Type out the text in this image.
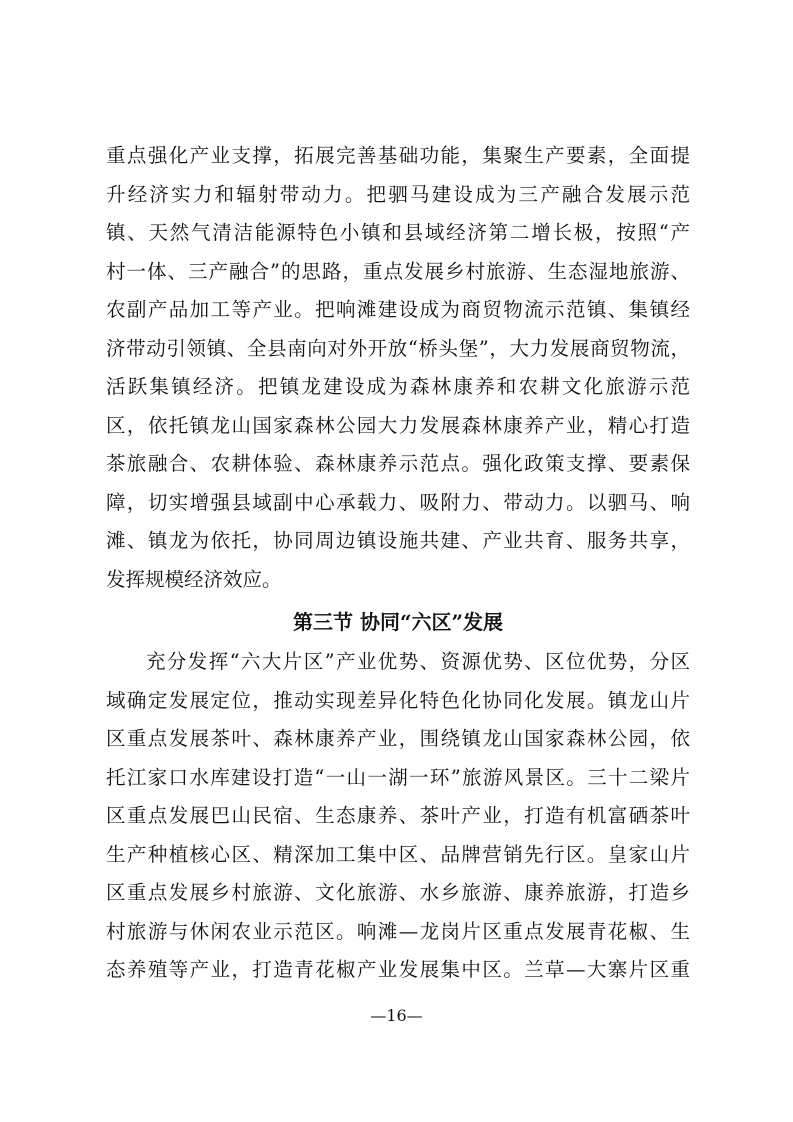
重点强化产业支撑，拓展完善基础功能，集聚生产要素，全面提
升经济实力和辐射带动力。把驷马建设成为三产融合发展示范
镇、天然气清洁能源特色小镇和县域经济第二增长极，按照“产
村一体、三产融合”的思路，重点发展乡村旅游、生态湿地旅游、
农副产品加工等产业。把响滩建设成为商贸物流示范镇、集镇经
济带动引领镇、全县南向对外开放“桥头堡”，大力发展商贸物流，
活跃集镇经济。把镇龙建设成为森林康养和农耕文化旅游示范
区，依托镇龙山国家森林公园大力发展森林康养产业，精心打造
茶旅融合、农耕体验、森林康养示范点。强化政策支撑、要素保
障，切实增强县域副中心承载力、吸附力、带动力。以驷马、响
滩、镇龙为依托，协同周边镇设施共建、产业共育、服务共享，
发挥规模经济效应。
第三节 协同“六区”发展
充分发挥“六大片区”产业优势、资源优势、区位优势，分区
域确定发展定位，推动实现差异化特色化协同化发展。镇龙山片
区重点发展茶叶、森林康养产业，围绕镇龙山国家森林公园，依
托江家口水库建设打造“一山一湖一环”旅游风景区。三十二梁片
区重点发展巴山民宿、生态康养、茶叶产业，打造有机富硒茶叶
生产种植核心区、精深加工集中区、品牌营销先行区。皇家山片
区重点发展乡村旅游、文化旅游、水乡旅游、康养旅游，打造乡
村旅游与休闲农业示范区。响滩—龙岗片区重点发展青花椒、生
态养殖等产业，打造青花椒产业发展集中区。兰草—大寨片区重
—16—
